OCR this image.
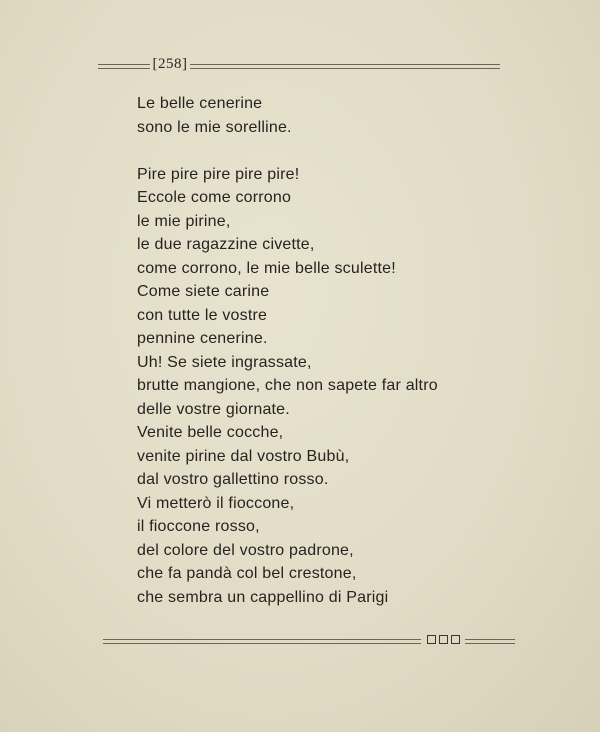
[258]
Le belle cenerine
sono le mie sorelline.
Pire pire pire pire pire!
Eccole come corrono
le mie pirine,
le due ragazzine civette,
come corrono, le mie belle sculette!
Come siete carine
con tutte le vostre
pennine cenerine.
Uh! Se siete ingrassate,
brutte mangione, che non sapete far altro
delle vostre giornate.
Venite belle cocche,
venite pirine dal vostro Bubù,
dal vostro gallettino rosso.
Vi metterò il fioccone,
il fioccone rosso,
del colore del vostro padrone,
che fa pandà col bel crestone,
che sembra un cappellino di Parigi
